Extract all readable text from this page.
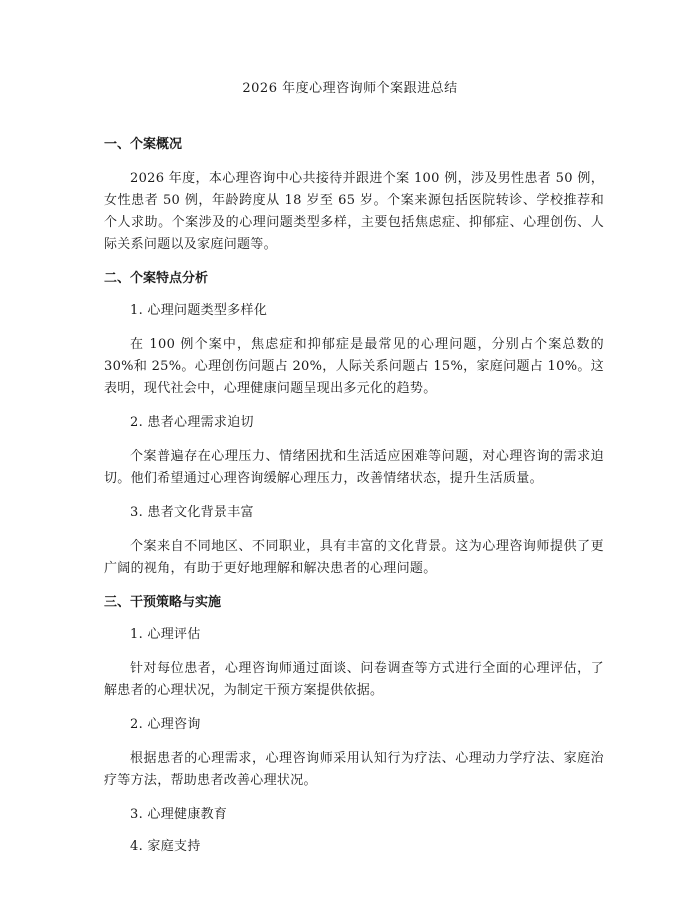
2026 年度心理咨询师个案跟进总结
一、个案概况
2026 年度，本心理咨询中心共接待并跟进个案 100 例，涉及男性患者 50 例，女性患者 50 例，年龄跨度从 18 岁至 65 岁。个案来源包括医院转诊、学校推荐和个人求助。个案涉及的心理问题类型多样，主要包括焦虑症、抑郁症、心理创伤、人际关系问题以及家庭问题等。
二、个案特点分析
1. 心理问题类型多样化
在 100 例个案中，焦虑症和抑郁症是最常见的心理问题，分别占个案总数的 30%和 25%。心理创伤问题占 20%，人际关系问题占 15%，家庭问题占 10%。这表明，现代社会中，心理健康问题呈现出多元化的趋势。
2. 患者心理需求迫切
个案普遍存在心理压力、情绪困扰和生活适应困难等问题，对心理咨询的需求迫切。他们希望通过心理咨询缓解心理压力，改善情绪状态，提升生活质量。
3. 患者文化背景丰富
个案来自不同地区、不同职业，具有丰富的文化背景。这为心理咨询师提供了更广阔的视角，有助于更好地理解和解决患者的心理问题。
三、干预策略与实施
1. 心理评估
针对每位患者，心理咨询师通过面谈、问卷调查等方式进行全面的心理评估，了解患者的心理状况，为制定干预方案提供依据。
2. 心理咨询
根据患者的心理需求，心理咨询师采用认知行为疗法、心理动力学疗法、家庭治疗等方法，帮助患者改善心理状况。
3. 心理健康教育
4. 家庭支持
